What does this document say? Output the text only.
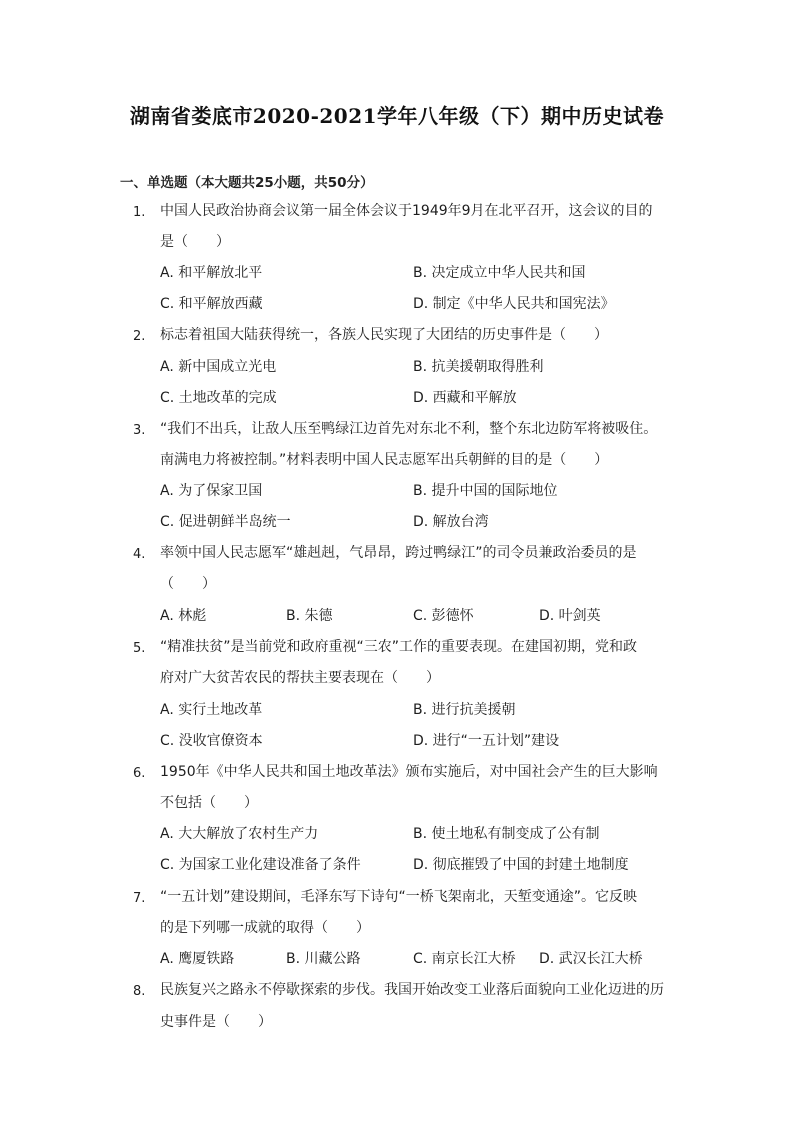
湖南省娄底市2020-2021学年八年级（下）期中历史试卷
一、单选题（本大题共25小题，共50分）
1. 中国人民政治协商会议第一届全体会议于1949年9月在北平召开，这会议的目的
是（　　）
A. 和平解放北平	B. 决定成立中华人民共和国
C. 和平解放西藏	D. 制定《中华人民共和国宪法》
2. 标志着祖国大陆获得统一，各族人民实现了大团结的历史事件是（　　）
A. 新中国成立光电	B. 抗美援朝取得胜利
C. 土地改革的完成	D. 西藏和平解放
3. “我们不出兵，让敌人压至鸭绿江边首先对东北不利，整个东北边防军将被吸住。
南满电力将被控制。”材料表明中国人民志愿军出兵朝鲜的目的是（　　）
A. 为了保家卫国	B. 提升中国的国际地位
C. 促进朝鲜半岛统一	D. 解放台湾
4. 率领中国人民志愿军“雄赳赳，气昂昂，跨过鸭绿江”的司令员兼政治委员的是
（　　）
A. 林彪	B. 朱德	C. 彭德怀	D. 叶剑英
5. “精准扶贫”是当前党和政府重视“三农”工作的重要表现。在建国初期，党和政
府对广大贫苦农民的帮扶主要表现在（　　）
A. 实行土地改革	B. 进行抗美援朝
C. 没收官僚资本	D. 进行“一五计划”建设
6. 1950年《中华人民共和国土地改革法》颁布实施后，对中国社会产生的巨大影响
不包括（　　）
A. 大大解放了农村生产力	B. 使土地私有制变成了公有制
C. 为国家工业化建设准备了条件	D. 彻底摧毁了中国的封建土地制度
7. “一五计划”建设期间，毛泽东写下诗句“一桥飞架南北，天堑变通途”。它反映
的是下列哪一成就的取得（　　）
A. 鹰厦铁路	B. 川藏公路	C. 南京长江大桥 D. 武汉长江大桥
8. 民族复兴之路永不停歇探索的步伐。我国开始改变工业落后面貌向工业化迈进的历
史事件是（　　）
